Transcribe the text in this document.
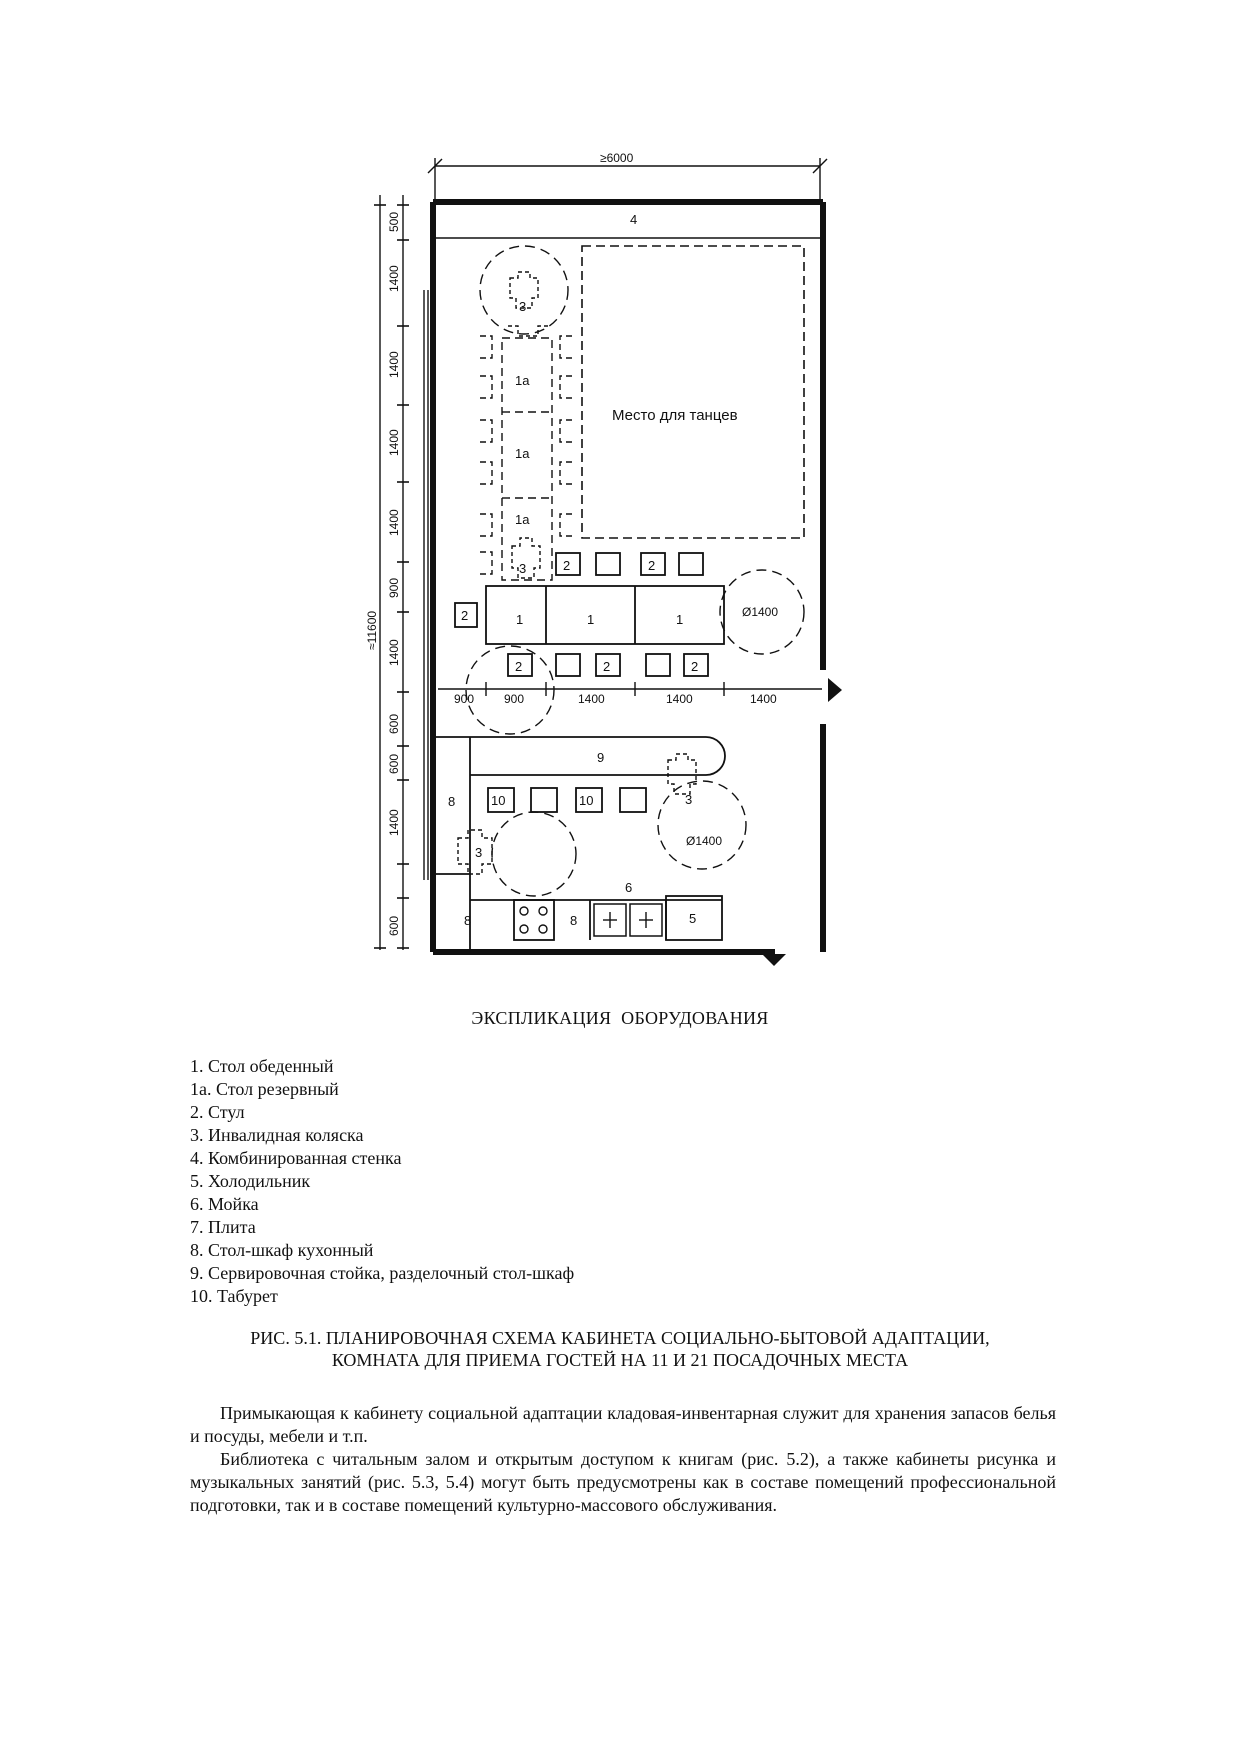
≥6000
≈11600
500
1400
1400
1400
1400
900
1400
600
600
1400
600
900 900	1400	1400	1400
4
Место для танцев
3
1а
1а
1а
3
1	1	1
2	2
2
2	2	2
Ø1400
9
8	10	10	3
Ø1400
3
6
8	8	5
ЭКСПЛИКАЦИЯ ОБОРУДОВАНИЯ
1. Стол обеденный
1а. Стол резервный
2. Стул
3. Инвалидная коляска
4. Комбинированная стенка
5. Холодильник
6. Мойка
7. Плита
8. Стол-шкаф кухонный
9. Сервировочная стойка, разделочный стол-шкаф
10. Табурет
РИС. 5.1. ПЛАНИРОВОЧНАЯ СХЕМА КАБИНЕТА СОЦИАЛЬНО-БЫТОВОЙ АДАПТАЦИИ,
КОМНАТА ДЛЯ ПРИЕМА ГОСТЕЙ НА 11 И 21 ПОСАДОЧНЫХ МЕСТА

Примыкающая к кабинету социальной адаптации кладовая-инвентарная служит для хранения запасов белья и посуды, мебели и т.п.

Библиотека с читальным залом и открытым доступом к книгам (рис. 5.2), а также кабинеты рисунка и музыкальных занятий (рис. 5.3, 5.4) могут быть предусмотрены как в составе помещений профессиональной подготовки, так и в составе помещений культурно-массового обслуживания.
